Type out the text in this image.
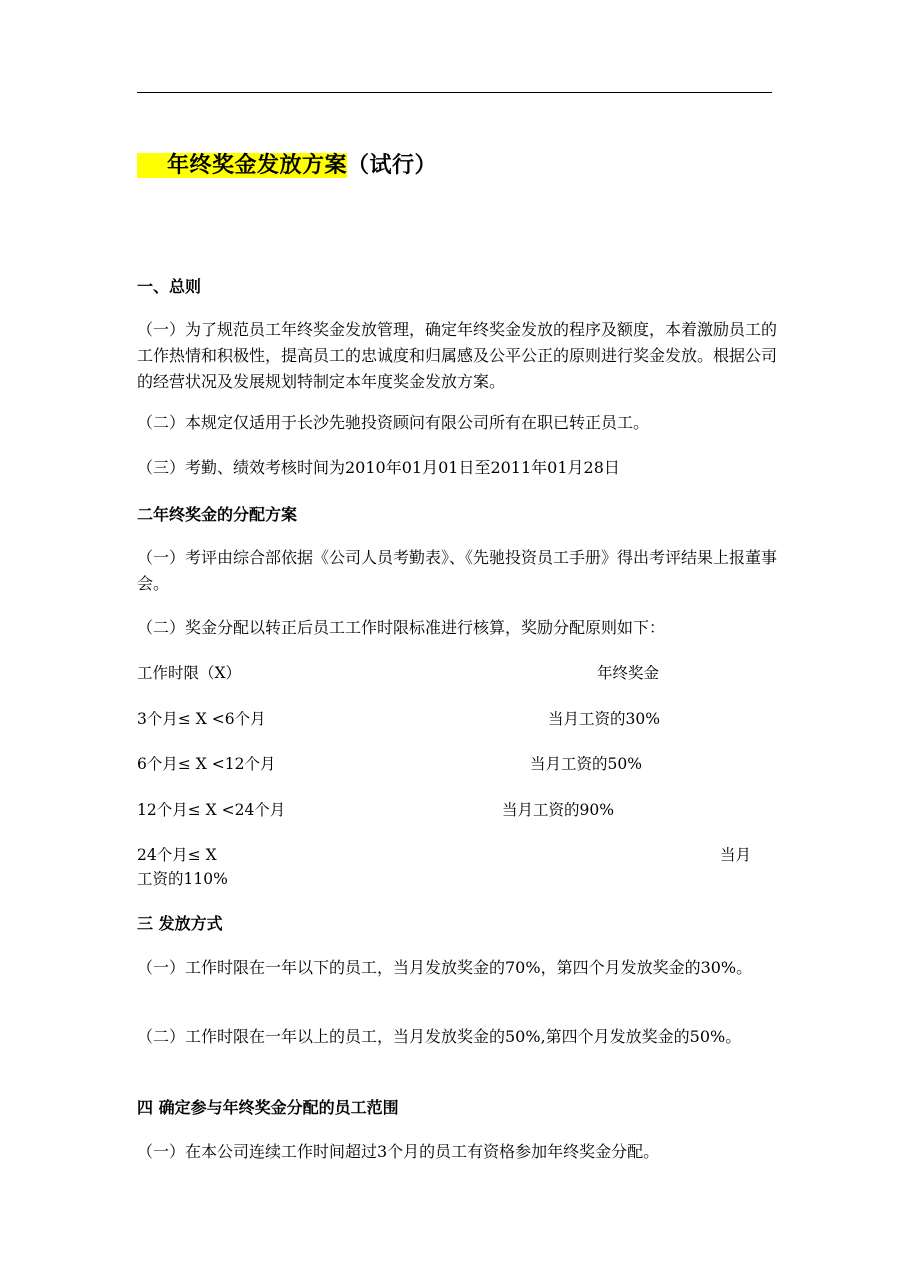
年终奖金发放方案（试行）
一、总则
（一）为了规范员工年终奖金发放管理，确定年终奖金发放的程序及额度，本着激励员工的工作热情和积极性，提高员工的忠诚度和归属感及公平公正的原则进行奖金发放。根据公司的经营状况及发展规划特制定本年度奖金发放方案。
（二）本规定仅适用于长沙先驰投资顾问有限公司所有在职已转正员工。
（三）考勤、绩效考核时间为2010年01月01日至2011年01月28日
二年终奖金的分配方案
（一）考评由综合部依据《公司人员考勤表》、《先驰投资员工手册》得出考评结果上报董事会。
（二）奖金分配以转正后员工工作时限标准进行核算，奖励分配原则如下：
工作时限（X）	年终奖金
3个月≤ X <6个月	当月工资的30%
6个月≤ X <12个月	当月工资的50%
12个月≤ X <24个月	当月工资的90%
24个月≤ X	当月
工资的110%
三 发放方式
（一）工作时限在一年以下的员工，当月发放奖金的70%，第四个月发放奖金的30%。
（二）工作时限在一年以上的员工，当月发放奖金的50%,第四个月发放奖金的50%。
四 确定参与年终奖金分配的员工范围
（一）在本公司连续工作时间超过3个月的员工有资格参加年终奖金分配。
